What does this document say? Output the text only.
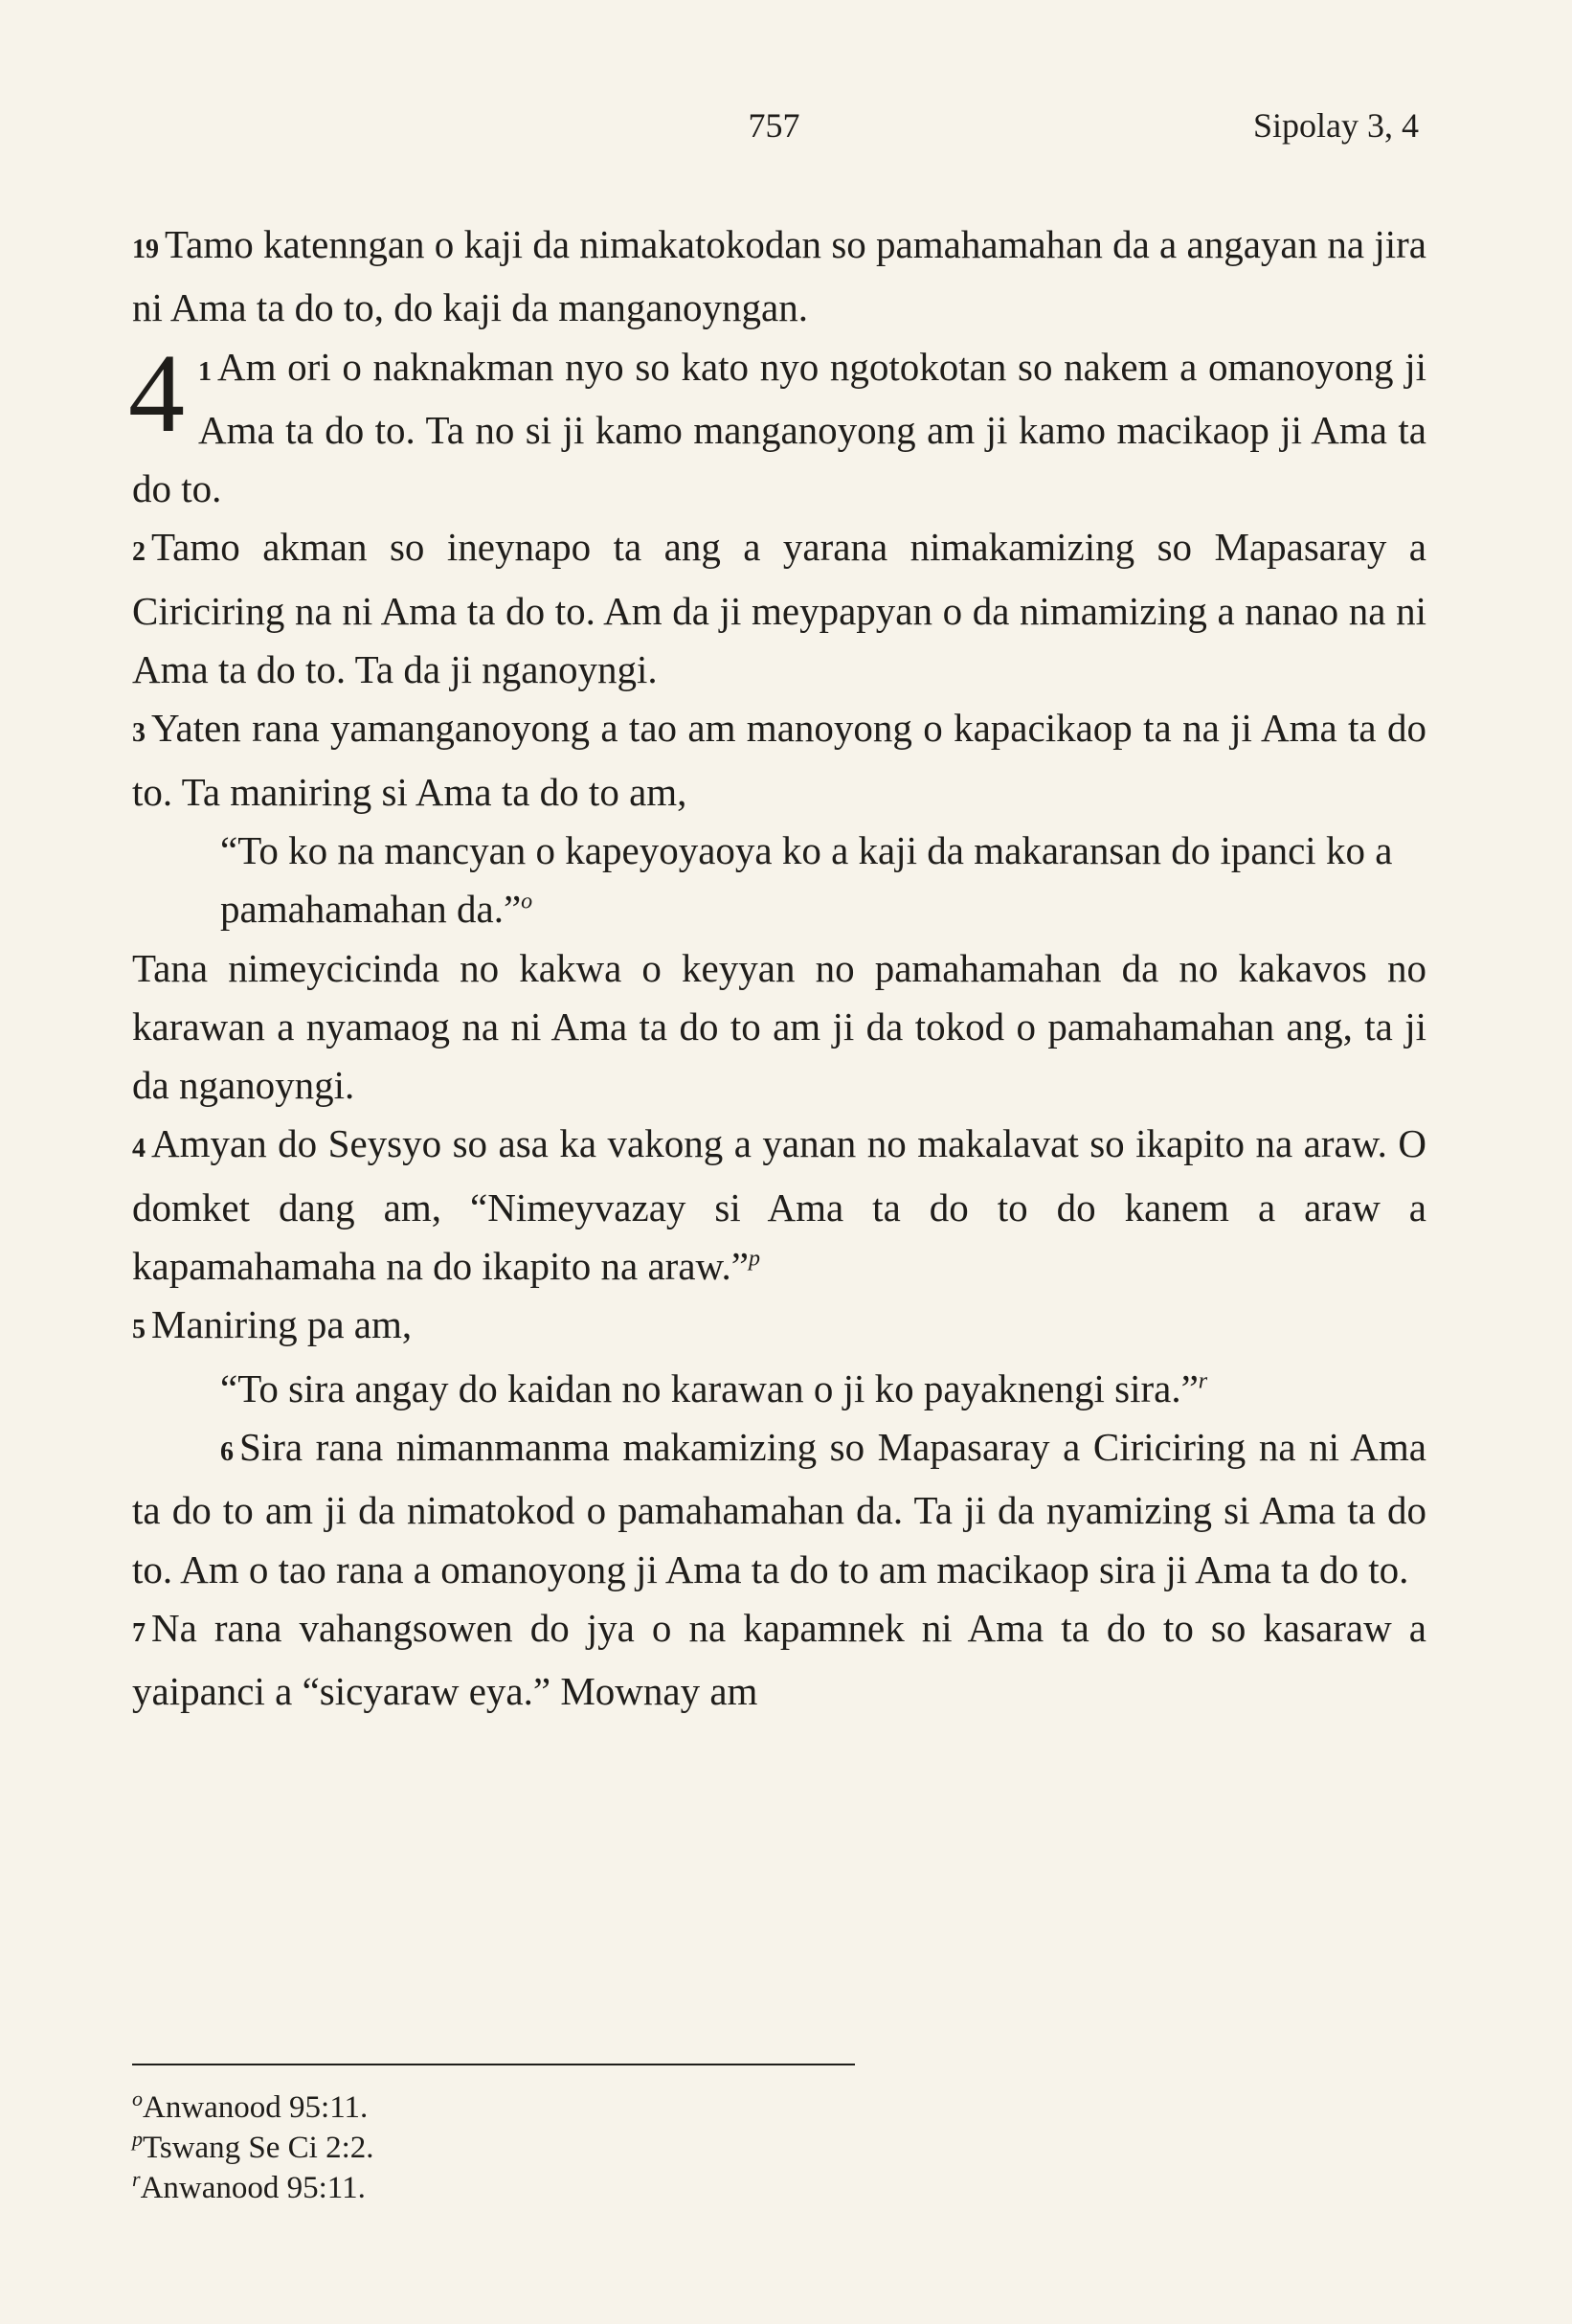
757	Sipolay 3, 4

19 Tamo katenngan o kaji da nimakatokodan so pamahamahan da a angayan na jira ni Ama ta do to, do kaji da manganoyngan.

4 1 Am ori o naknakman nyo so kato nyo ngotokotan so nakem a omanoyong ji Ama ta do to. Ta no si ji kamo manganoyong am ji kamo macikaop ji Ama ta do to.

2 Tamo akman so ineynapo ta ang a yarana nimakamizing so Mapasaray a Ciriciring na ni Ama ta do to. Am da ji meypapyan o da nimamizing a nanao na ni Ama ta do to. Ta da ji nganoyngi.

3 Yaten rana yamanganoyong a tao am manoyong o kapacikaop ta na ji Ama ta do to. Ta maniring si Ama ta do to am,

“To ko na mancyan o kapeyoyaoya ko a kaji da makaransan do ipanci ko a pamahamahan da.”$^o$

Tana nimeycicinda no kakwa o keyyan no pamahamahan da no kakavos no karawan a nyamaog na ni Ama ta do to am ji da tokod o pamahamahan ang, ta ji da nganoyngi.

4 Amyan do Seysyo so asa ka vakong a yanan no makalavat so ikapito na araw. O domket dang am, “Nimeyvazay si Ama ta do to do kanem a araw a kapamahamaha na do ikapito na araw.”$^p$

5 Maniring pa am,

“To sira angay do kaidan no karawan o ji ko payaknengi sira.”$^r$

6 Sira rana nimanmanma makamizing so Mapasaray a Ciriciring na ni Ama ta do to am ji da nimatokod o pamahamahan da. Ta ji da nyamizing si Ama ta do to. Am o tao rana a omanoyong ji Ama ta do to am macikaop sira ji Ama ta do to.

7 Na rana vahangsowen do jya o na kapamnek ni Ama ta do to so kasaraw a yaipanci a “sicyaraw eya.” Mownay am

$^o$Anwanood 95:11.

$^p$Tswang Se Ci 2:2.

$^r$Anwanood 95:11.
